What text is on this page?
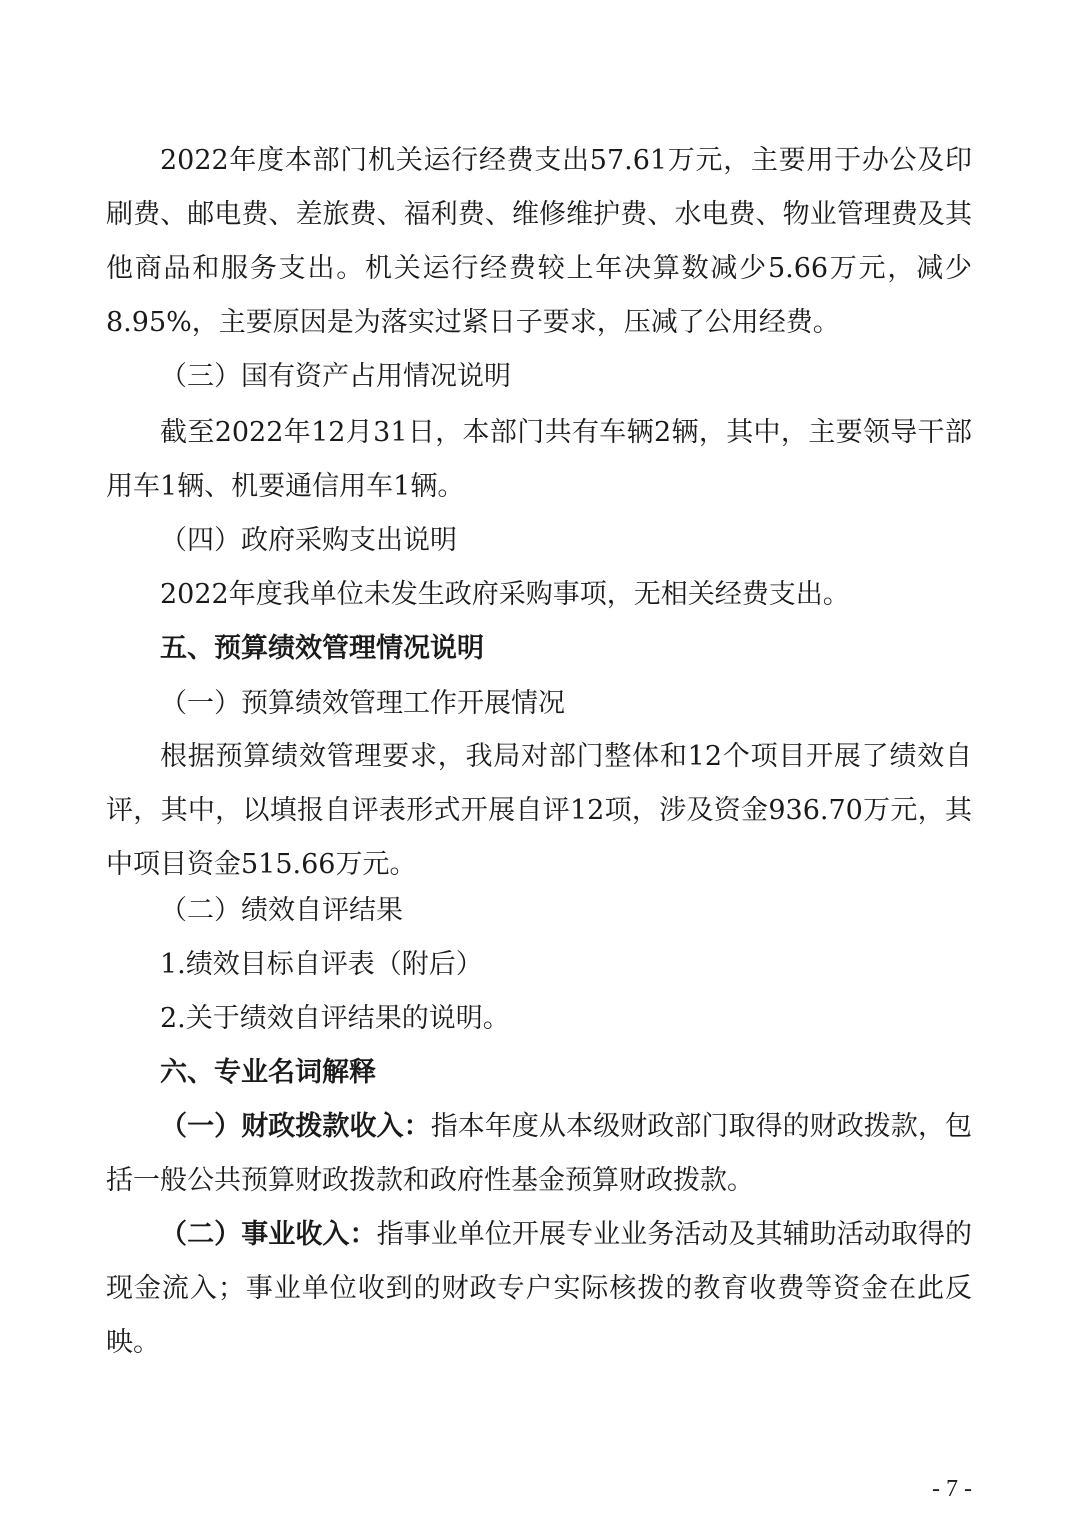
2022年度本部门机关运行经费支出57.61万元，主要用于办公及印刷费、邮电费、差旅费、福利费、维修维护费、水电费、物业管理费及其他商品和服务支出。机关运行经费较上年决算数减少5.66万元，减少8.95%，主要原因是为落实过紧日子要求，压减了公用经费。

（三）国有资产占用情况说明

截至2022年12月31日，本部门共有车辆2辆，其中，主要领导干部用车1辆、机要通信用车1辆。

（四）政府采购支出说明

2022年度我单位未发生政府采购事项，无相关经费支出。

五、预算绩效管理情况说明

（一）预算绩效管理工作开展情况

根据预算绩效管理要求，我局对部门整体和12个项目开展了绩效自评，其中，以填报自评表形式开展自评12项，涉及资金936.70万元，其中项目资金515.66万元。

（二）绩效自评结果

1.绩效目标自评表（附后）

2.关于绩效自评结果的说明。

六、专业名词解释

（一）财政拨款收入：指本年度从本级财政部门取得的财政拨款，包括一般公共预算财政拨款和政府性基金预算财政拨款。

（二）事业收入：指事业单位开展专业业务活动及其辅助活动取得的现金流入；事业单位收到的财政专户实际核拨的教育收费等资金在此反映。

- 7 -
